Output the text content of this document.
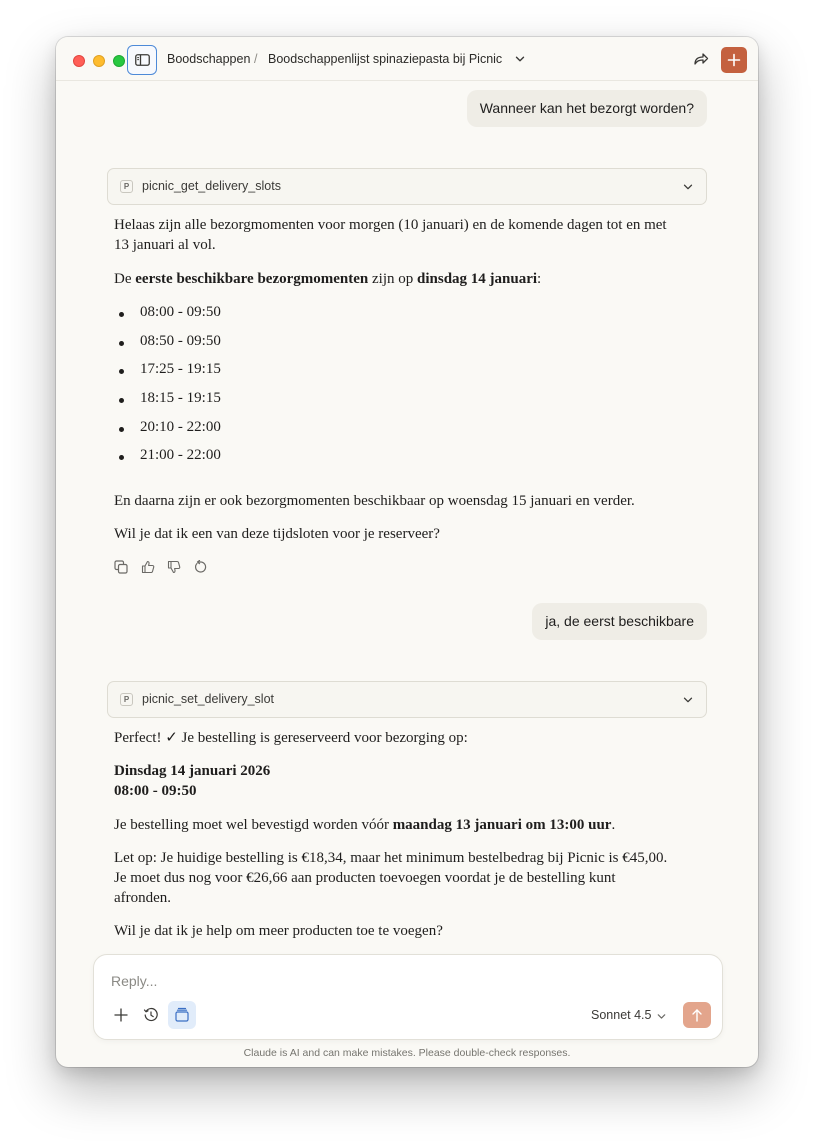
Boodschappen / Boodschappenlijst spinaziepasta bij Picnic
Wanneer kan het bezorgt worden?
P	picnic_get_delivery_slots

Helaas zijn alle bezorgmomenten voor morgen (10 januari) en de komende dagen tot en met 13 januari al vol.

De eerste beschikbare bezorgmomenten zijn op dinsdag 14 januari:

08:00 - 09:50
08:50 - 09:50
17:25 - 19:15
18:15 - 19:15
20:10 - 22:00
21:00 - 22:00

En daarna zijn er ook bezorgmomenten beschikbaar op woensdag 15 januari en verder.

Wil je dat ik een van deze tijdsloten voor je reserveer?

ja, de eerst beschikbare
P	picnic_set_delivery_slot

Perfect! ✓ Je bestelling is gereserveerd voor bezorging op:

Dinsdag 14 januari 2026
08:00 - 09:50

Je bestelling moet wel bevestigd worden vóór maandag 13 januari om 13:00 uur.

Let op: Je huidige bestelling is €18,34, maar het minimum bestelbedrag bij Picnic is €45,00. Je moet dus nog voor €26,66 aan producten toevoegen voordat je de bestelling kunt afronden.

Wil je dat ik je help om meer producten toe te voegen?

Reply...
Sonnet 4.5
Claude is AI and can make mistakes. Please double-check responses.
